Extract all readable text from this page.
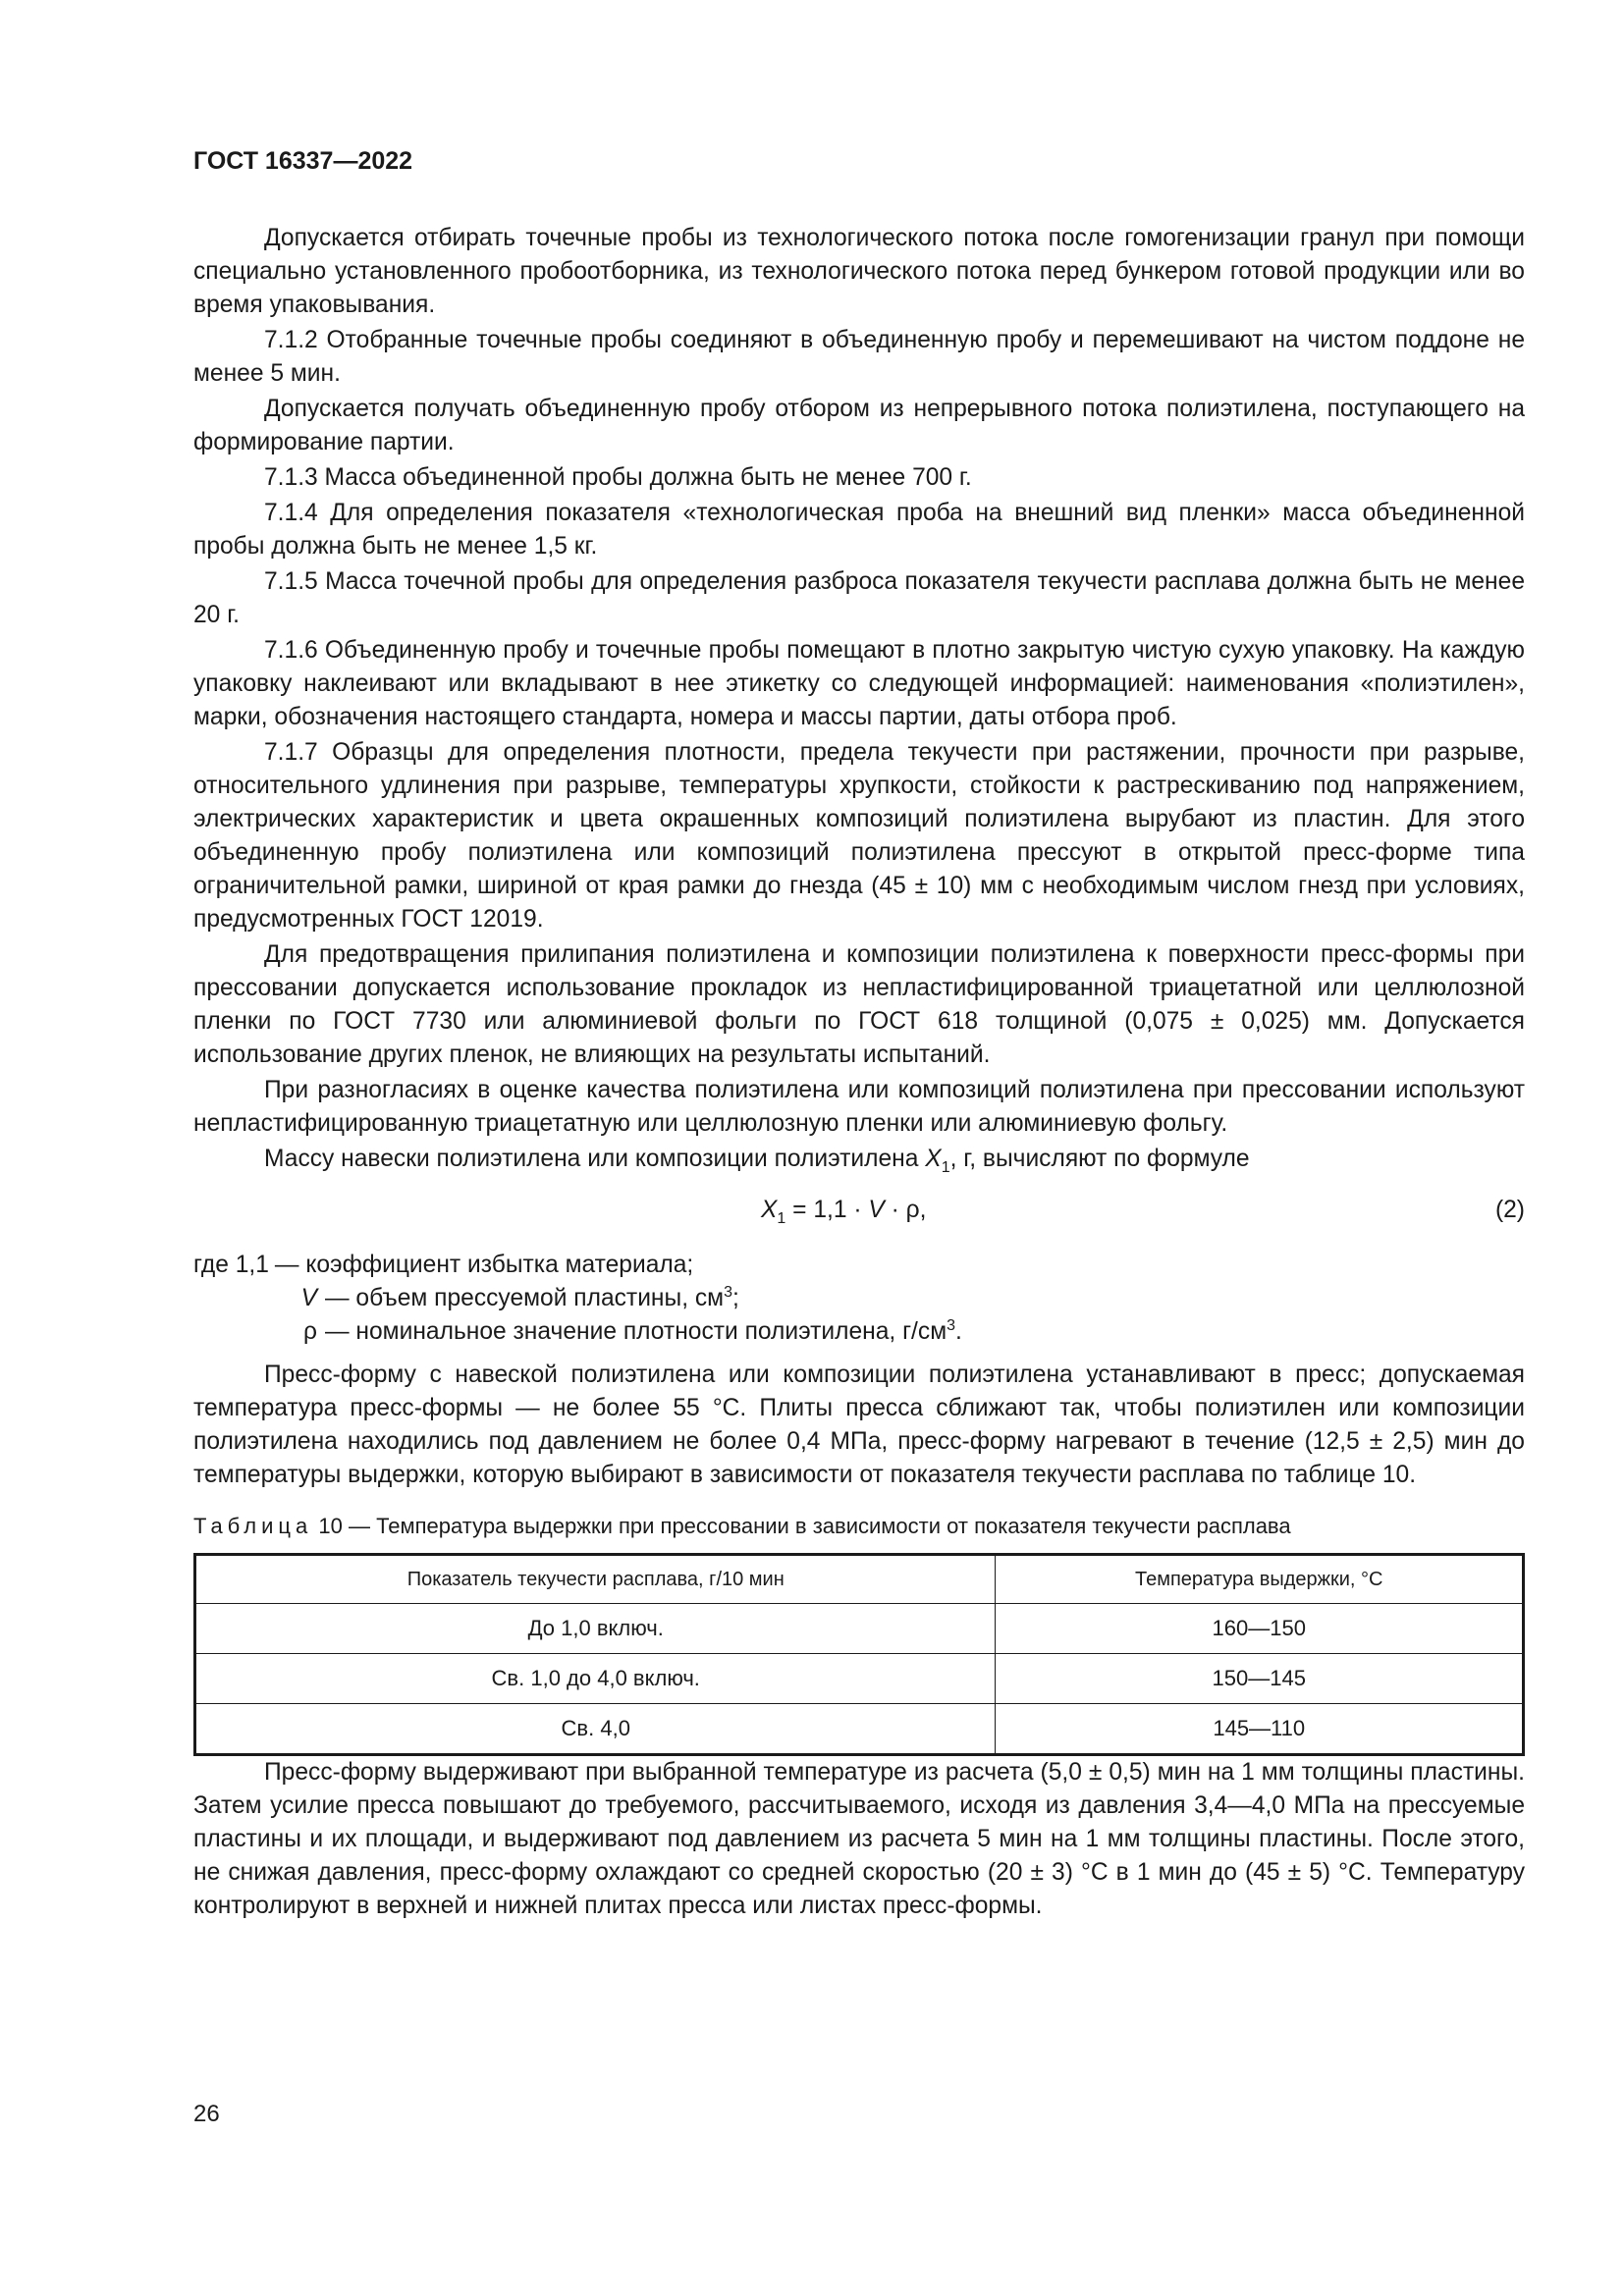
ГОСТ 16337—2022

Допускается отбирать точечные пробы из технологического потока после гомогенизации гранул при помощи специально установленного пробоотборника, из технологического потока перед бункером готовой продукции или во время упаковывания.

7.1.2 Отобранные точечные пробы соединяют в объединенную пробу и перемешивают на чистом поддоне не менее 5 мин.

Допускается получать объединенную пробу отбором из непрерывного потока полиэтилена, поступающего на формирование партии.

7.1.3 Масса объединенной пробы должна быть не менее 700 г.

7.1.4 Для определения показателя «технологическая проба на внешний вид пленки» масса объединенной пробы должна быть не менее 1,5 кг.

7.1.5 Масса точечной пробы для определения разброса показателя текучести расплава должна быть не менее 20 г.

7.1.6 Объединенную пробу и точечные пробы помещают в плотно закрытую чистую сухую упаковку. На каждую упаковку наклеивают или вкладывают в нее этикетку со следующей информацией: наименования «полиэтилен», марки, обозначения настоящего стандарта, номера и массы партии, даты отбора проб.

7.1.7 Образцы для определения плотности, предела текучести при растяжении, прочности при разрыве, относительного удлинения при разрыве, температуры хрупкости, стойкости к растрескиванию под напряжением, электрических характеристик и цвета окрашенных композиций полиэтилена вырубают из пластин. Для этого объединенную пробу полиэтилена или композиций полиэтилена прессуют в открытой пресс-форме типа ограничительной рамки, шириной от края рамки до гнезда (45 ± 10) мм с необходимым числом гнезд при условиях, предусмотренных ГОСТ 12019.

Для предотвращения прилипания полиэтилена и композиции полиэтилена к поверхности пресс-формы при прессовании допускается использование прокладок из непластифицированной триацетатной или целлюлозной пленки по ГОСТ 7730 или алюминиевой фольги по ГОСТ 618 толщиной (0,075 ± 0,025) мм. Допускается использование других пленок, не влияющих на результаты испытаний.

При разногласиях в оценке качества полиэтилена или композиций полиэтилена при прессовании используют непластифицированную триацетатную или целлюлозную пленки или алюминиевую фольгу.

Массу навески полиэтилена или композиции полиэтилена $X_1$, г, вычисляют по формуле

$X_1 = 1,1 \cdot V \cdot \rho$,	(2)
где 1,1 — коэффициент избытка материала;
V — объем прессуемой пластины, $см^3$;
ρ — номинальное значение плотности полиэтилена, $г/см^3$.

Пресс-форму с навеской полиэтилена или композиции полиэтилена устанавливают в пресс; допускаемая температура пресс-формы — не более 55 °С. Плиты пресса сближают так, чтобы полиэтилен или композиции полиэтилена находились под давлением не более 0,4 МПа, пресс-форму нагревают в течение (12,5 ± 2,5) мин до температуры выдержки, которую выбирают в зависимости от показателя текучести расплава по таблице 10.

Таблица 10 — Температура выдержки при прессовании в зависимости от показателя текучести расплава
Показатель текучести расплава, г/10 мин	Температура выдержки, °С
До 1,0 включ.	160—150
Св. 1,0 до 4,0 включ.	150—145
Св. 4,0	145—110

Пресс-форму выдерживают при выбранной температуре из расчета (5,0 ± 0,5) мин на 1 мм толщины пластины. Затем усилие пресса повышают до требуемого, рассчитываемого, исходя из давления 3,4—4,0 МПа на прессуемые пластины и их площади, и выдерживают под давлением из расчета 5 мин на 1 мм толщины пластины. После этого, не снижая давления, пресс-форму охлаждают со средней скоростью (20 ± 3) °С в 1 мин до (45 ± 5) °С. Температуру контролируют в верхней и нижней плитах пресса или листах пресс-формы.

26
